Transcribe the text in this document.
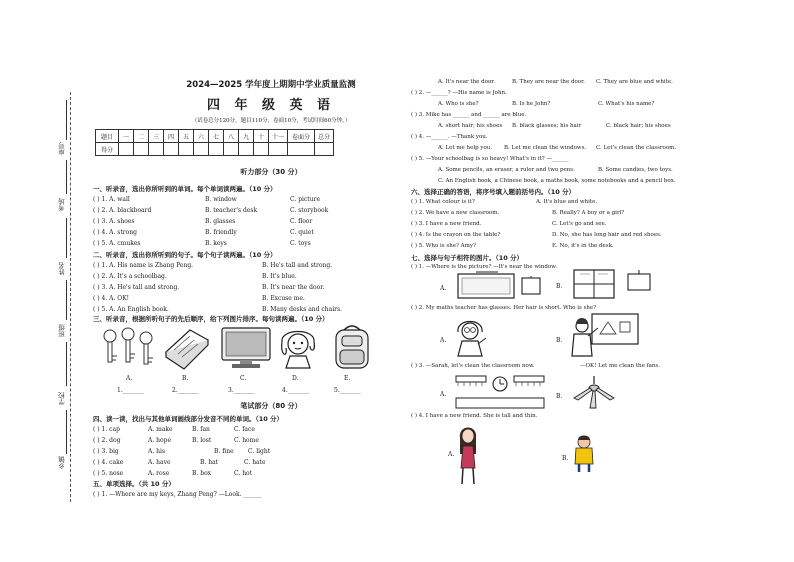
座号
考场
姓名
班级
学校
乡镇
2024—2025 学年度上期期中学业质量监测
四 年 级 英 语
（试卷总分120分，题目110分，卷面10分，考试时间60分钟。）
题目	一	二	三	四	五	六	七	八	九	十	十一	卷面分	总分
得分													
听力部分（30 分）
一、听录音，选出你所听到的单词。每个单词读两遍。（10 分）
( ) 1. A. wall	B. window	C. picture
( ) 2. A. blackboard	B. teacher's desk	C. storybook
( ) 3. A. shoes	B. glasses	C. floor
( ) 4. A. strong	B. friendly	C. quiet
( ) 5. A. cmukes	B. keys	C. toys
二、听录音，选出你所听到的句子。每个句子读两遍。（10 分）
( ) 1. A. His name is Zhang Peng.	B. He's tall and strong.
( ) 2. A. It's a schoolbag.	B. It's blue.
( ) 3. A. He's tall and strong.	B. It's near the door.
( ) 4. A. OK!	B. Excuse me.
( ) 5. A. An English book.	B. Many desks and chairs.
三、听录音，根据所听句子的先后顺序，给下列图片排序。每句读两遍。（10 分）
A.	B.	C.	D.	E.
1._______	2._______	3._______	4._______	5._______
笔试部分（80 分）
四、读一读，找出与其他单词画线部分发音不同的单词。（10 分）
( ) 1. cap	A. make	B. fan	C. face
( ) 2. dog	A. hope	B. lost	C. home
( ) 3. big	A. his	B. fine C. light
( ) 4. cake	A. have	B. hat	C. hate
( ) 5. nose	A. rose	B. box	C. hot
五、单项选择。（共 10 分）
( ) 1. —Where are my keys, Zhang Peng? —Look. ______
A. It's near the door.	B. They are near the door. C. They are blue and white.
( ) 2. —______? —His name is John.
A. Who is she?	B. Is he John?	C. What's his name?
( ) 3. Mike has ______ and ______ are blue.
A. short hair; his shoes B. black glasses; his hair	C. black hair; his shoes
( ) 4. —______. —Thank you.
A. Let me help you. B. Let me clean the windows. C. Let's clean the classroom.
( ) 5. —Your schoolbag is so heavy! What's in it? —______
A. Some pencils, an eraser, a ruler and two pens.	B. Some candies, two toys.
C. An English book, a Chinese book, a maths book, some notebooks and a pencil box.
六、选择正确的答语，将序号填入题前括号内。（10 分）
( ) 1. What colour is it?	A. It's blue and white.
( ) 2. We have a new classroom.	B. Really? A boy or a girl?
( ) 3. I have a new friend.	C. Let's go and see.
( ) 4. Is the crayon on the table?	D. No, she has long hair and red shoes.
( ) 5. Who is she? Amy?	E. No, it's in the desk.
七、选择与句子相符的图片。（10 分）
( ) 1. —Where is the picture? —It's near the window.
A.	B.
( ) 2. My maths teacher has glasses. Her hair is short. Who is she?
A.	B.
( ) 3. —Sarah, let's clean the classroom now.	—OK! Let me clean the fans.
A.	B.
( ) 4. I have a new friend. She is tall and thin.
A.
B.
